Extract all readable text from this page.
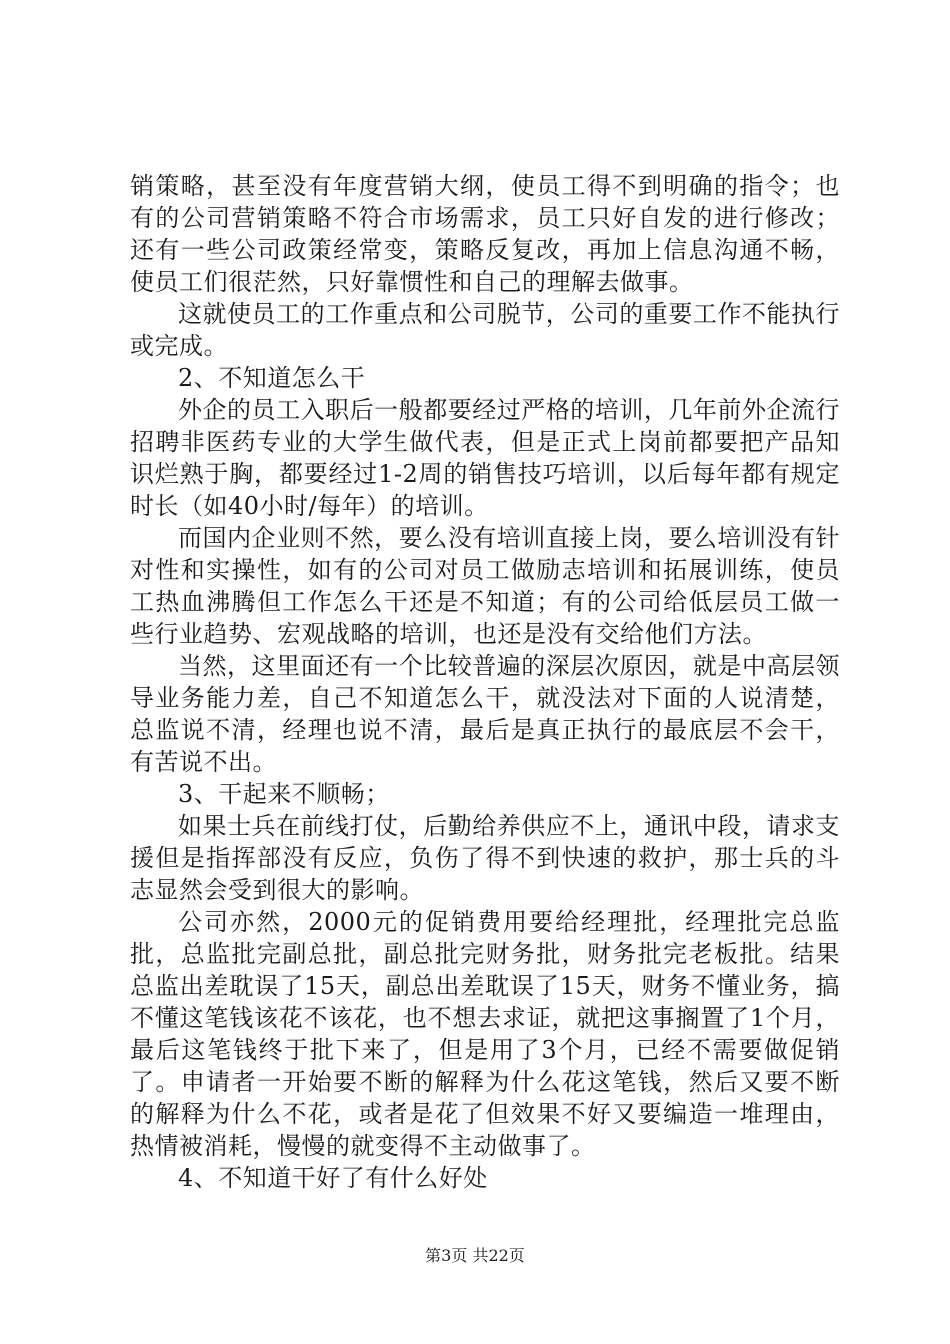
销策略，甚至没有年度营销大纲，使员工得不到明确的指令；也有的公司营销策略不符合市场需求，员工只好自发的进行修改；还有一些公司政策经常变，策略反复改，再加上信息沟通不畅，使员工们很茫然，只好靠惯性和自己的理解去做事。

这就使员工的工作重点和公司脱节，公司的重要工作不能执行或完成。

2、不知道怎么干

外企的员工入职后一般都要经过严格的培训，几年前外企流行招聘非医药专业的大学生做代表，但是正式上岗前都要把产品知识烂熟于胸，都要经过1-2周的销售技巧培训，以后每年都有规定时长（如40小时/每年）的培训。

而国内企业则不然，要么没有培训直接上岗，要么培训没有针对性和实操性，如有的公司对员工做励志培训和拓展训练，使员工热血沸腾但工作怎么干还是不知道；有的公司给低层员工做一些行业趋势、宏观战略的培训，也还是没有交给他们方法。

当然，这里面还有一个比较普遍的深层次原因，就是中高层领导业务能力差，自己不知道怎么干，就没法对下面的人说清楚，总监说不清，经理也说不清，最后是真正执行的最底层不会干，有苦说不出。

3、干起来不顺畅；

如果士兵在前线打仗，后勤给养供应不上，通讯中段，请求支援但是指挥部没有反应，负伤了得不到快速的救护，那士兵的斗志显然会受到很大的影响。

公司亦然，2000元的促销费用要给经理批，经理批完总监批，总监批完副总批，副总批完财务批，财务批完老板批。结果总监出差耽误了15天，副总出差耽误了15天，财务不懂业务，搞不懂这笔钱该花不该花，也不想去求证，就把这事搁置了1个月，最后这笔钱终于批下来了，但是用了3个月，已经不需要做促销了。申请者一开始要不断的解释为什么花这笔钱，然后又要不断的解释为什么不花，或者是花了但效果不好又要编造一堆理由，热情被消耗，慢慢的就变得不主动做事了。

4、不知道干好了有什么好处

第3页 共22页
